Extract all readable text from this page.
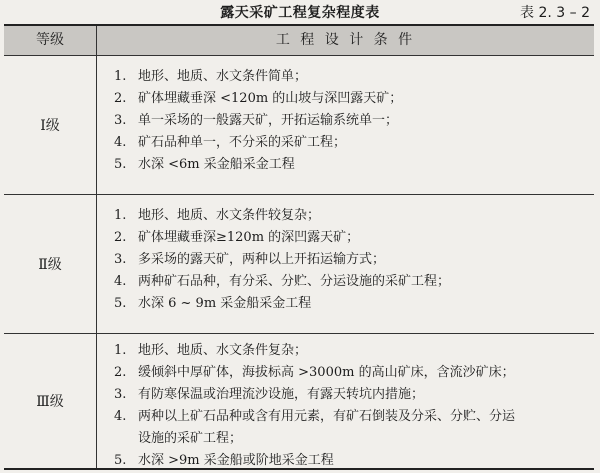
露天采矿工程复杂程度表	表 2. 3 – 2
等级	工 程 设 计 条 件
Ⅰ级
1. 地形、地质、水文条件简单；
2. 矿体埋藏垂深 <120m 的山坡与深凹露天矿；
3. 单一采场的一般露天矿，开拓运输系统单一；
4. 矿石品种单一，不分采的采矿工程；
5. 水深 <6m 采金船采金工程
Ⅱ级
1. 地形、地质、水文条件较复杂；
2. 矿体埋藏垂深≥120m 的深凹露天矿；
3. 多采场的露天矿，两种以上开拓运输方式；
4. 两种矿石品种，有分采、分贮、分运设施的采矿工程；
5. 水深 6 ~ 9m 采金船采金工程
Ⅲ级
1. 地形、地质、水文条件复杂；
2. 缓倾斜中厚矿体，海拔标高 >3000m 的高山矿床，含流沙矿床；
3. 有防寒保温或治理流沙设施，有露天转坑内措施；
4. 两种以上矿石品种或含有用元素，有矿石倒装及分采、分贮、分运
设施的采矿工程；
5. 水深 >9m 采金船或阶地采金工程
